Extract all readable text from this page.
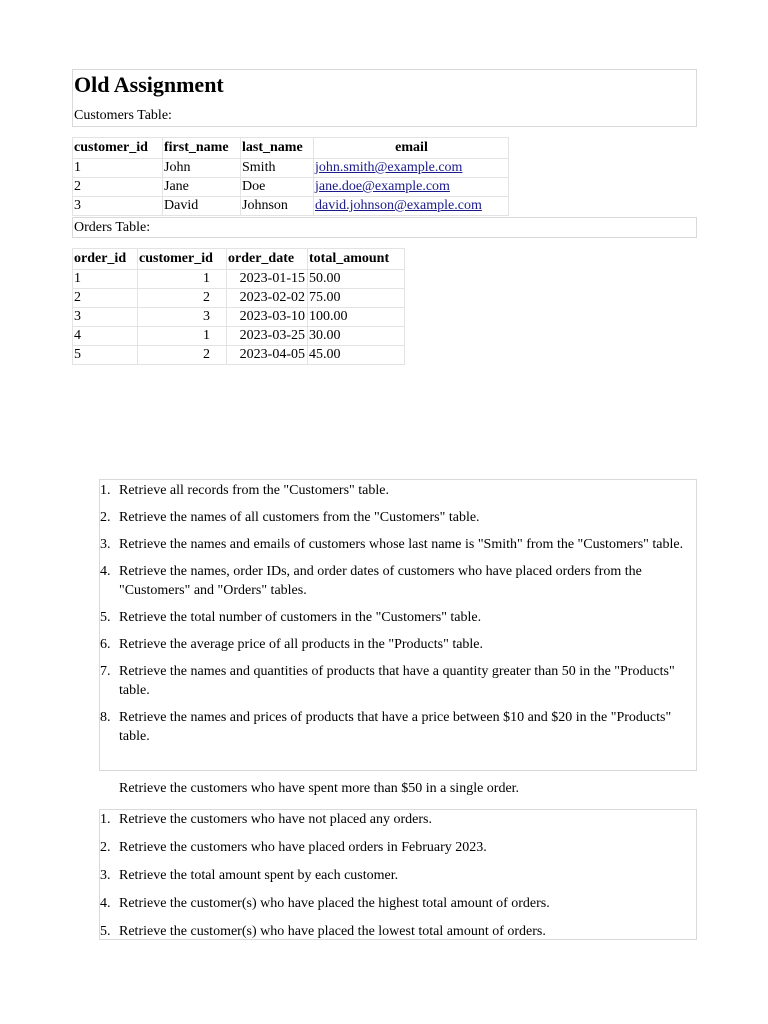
Old Assignment
Customers Table:
customer_id	first_name	last_name	email
1	John	Smith	john.smith@example.com
2	Jane	Doe	jane.doe@example.com
3	David	Johnson	david.johnson@example.com
Orders Table:
order_id	customer_id	order_date	total_amount
1	1	2023-01-15	50.00
2	2	2023-02-02	75.00
3	3	2023-03-10	100.00
4	1	2023-03-25	30.00
5	2	2023-04-05	45.00
1. Retrieve all records from the "Customers" table.
2. Retrieve the names of all customers from the "Customers" table.
3. Retrieve the names and emails of customers whose last name is "Smith" from the "Customers" table.
4. Retrieve the names, order IDs, and order dates of customers who have placed orders from the "Customers" and "Orders" tables.
5. Retrieve the total number of customers in the "Customers" table.
6. Retrieve the average price of all products in the "Products" table.
7. Retrieve the names and quantities of products that have a quantity greater than 50 in the "Products" table.
8. Retrieve the names and prices of products that have a price between $10 and $20 in the "Products" table.
Retrieve the customers who have spent more than $50 in a single order.
1. Retrieve the customers who have not placed any orders.
2. Retrieve the customers who have placed orders in February 2023.
3. Retrieve the total amount spent by each customer.
4. Retrieve the customer(s) who have placed the highest total amount of orders.
5. Retrieve the customer(s) who have placed the lowest total amount of orders.
